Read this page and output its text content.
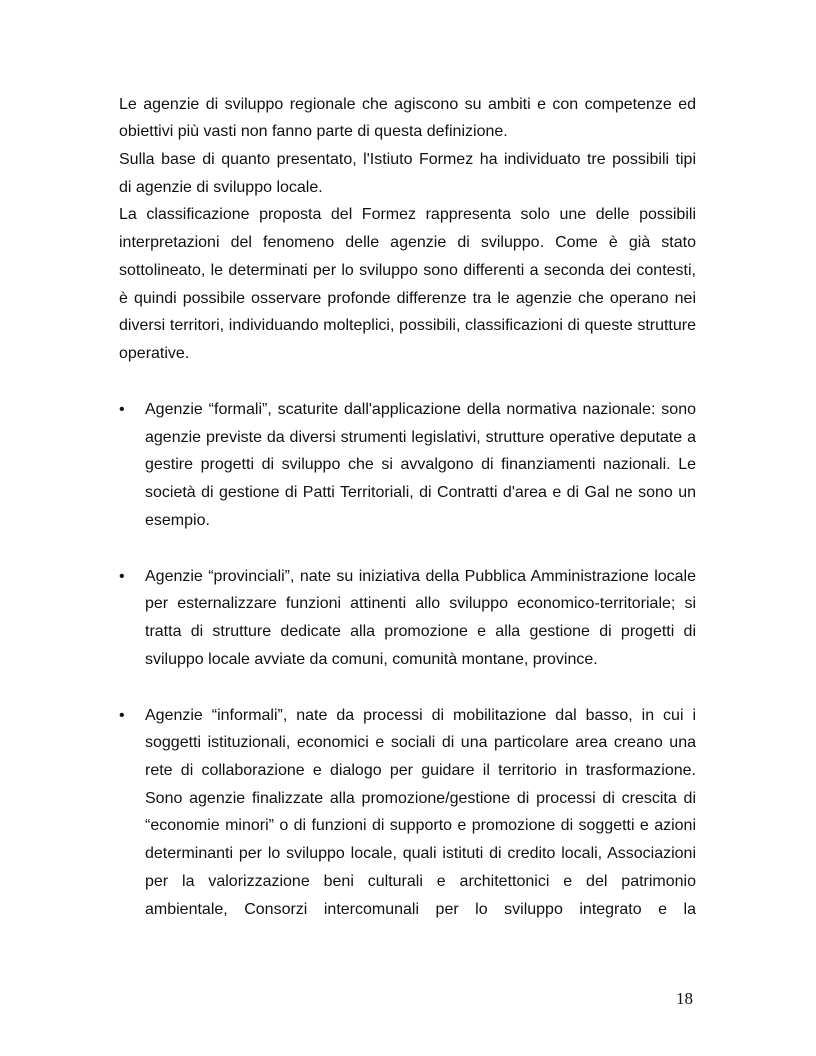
Le agenzie di sviluppo regionale che agiscono su ambiti e con competenze ed
obiettivi più vasti non fanno parte di questa definizione.
Sulla base di quanto presentato, l'Istiuto Formez ha individuato tre possibili tipi
di agenzie di sviluppo locale.
La classificazione proposta del Formez rappresenta solo une delle possibili
interpretazioni del fenomeno delle agenzie di sviluppo. Come è già stato
sottolineato, le determinati per lo sviluppo sono differenti a seconda dei contesti,
è quindi possibile osservare profonde differenze tra le agenzie che operano nei
diversi territori, individuando molteplici, possibili, classificazioni di queste strutture
operative.
• Agenzie “formali”, scaturite dall'applicazione della normativa nazionale: sono
agenzie previste da diversi strumenti legislativi, strutture operative deputate a
gestire progetti di sviluppo che si avvalgono di finanziamenti nazionali. Le
società di gestione di Patti Territoriali, di Contratti d'area e di Gal ne sono un
esempio.
• Agenzie “provinciali”, nate su iniziativa della Pubblica Amministrazione locale
per esternalizzare funzioni attinenti allo sviluppo economico-territoriale; si
tratta di strutture dedicate alla promozione e alla gestione di progetti di
sviluppo locale avviate da comuni, comunità montane, province.
• Agenzie “informali”, nate da processi di mobilitazione dal basso, in cui i
soggetti istituzionali, economici e sociali di una particolare area creano una
rete di collaborazione e dialogo per guidare il territorio in trasformazione.
Sono agenzie finalizzate alla promozione/gestione di processi di crescita di
“economie minori” o di funzioni di supporto e promozione di soggetti e azioni
determinanti per lo sviluppo locale, quali istituti di credito locali, Associazioni
per la valorizzazione beni culturali e architettonici e del patrimonio
ambientale, Consorzi intercomunali per lo sviluppo integrato e la
18
